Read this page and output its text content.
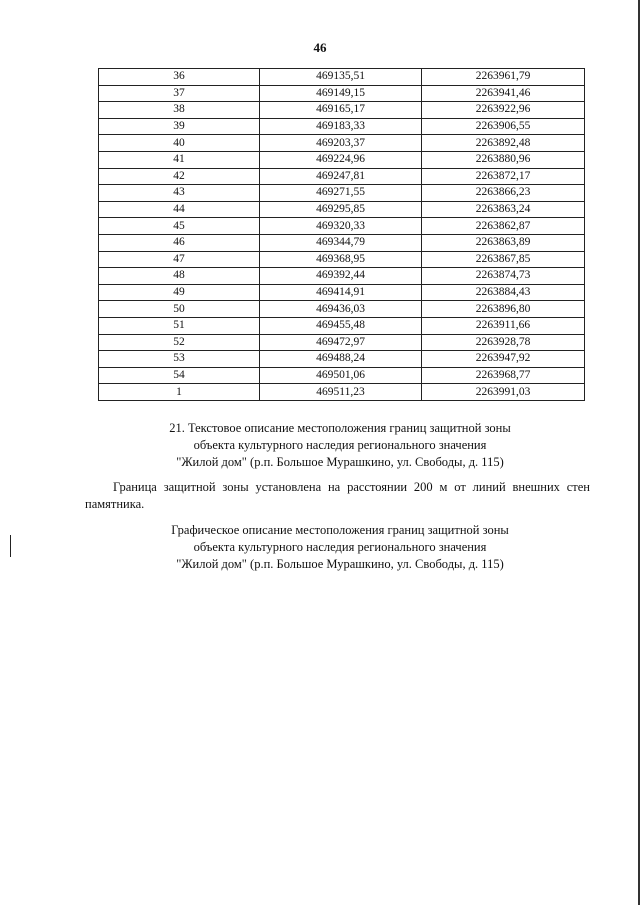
46
36	469135,51	2263961,79
37	469149,15	2263941,46
38	469165,17	2263922,96
39	469183,33	2263906,55
40	469203,37	2263892,48
41	469224,96	2263880,96
42	469247,81	2263872,17
43	469271,55	2263866,23
44	469295,85	2263863,24
45	469320,33	2263862,87
46	469344,79	2263863,89
47	469368,95	2263867,85
48	469392,44	2263874,73
49	469414,91	2263884,43
50	469436,03	2263896,80
51	469455,48	2263911,66
52	469472,97	2263928,78
53	469488,24	2263947,92
54	469501,06	2263968,77
1	469511,23	2263991,03
21. Текстовое описание местоположения границ защитной зоны
объекта культурного наследия регионального значения
"Жилой дом" (р.п. Большое Мурашкино, ул. Свободы, д. 115)
Граница защитной зоны установлена на расстоянии 200 м от линий внешних стен памятника.
Графическое описание местоположения границ защитной зоны
объекта культурного наследия регионального значения
"Жилой дом" (р.п. Большое Мурашкино, ул. Свободы, д. 115)
